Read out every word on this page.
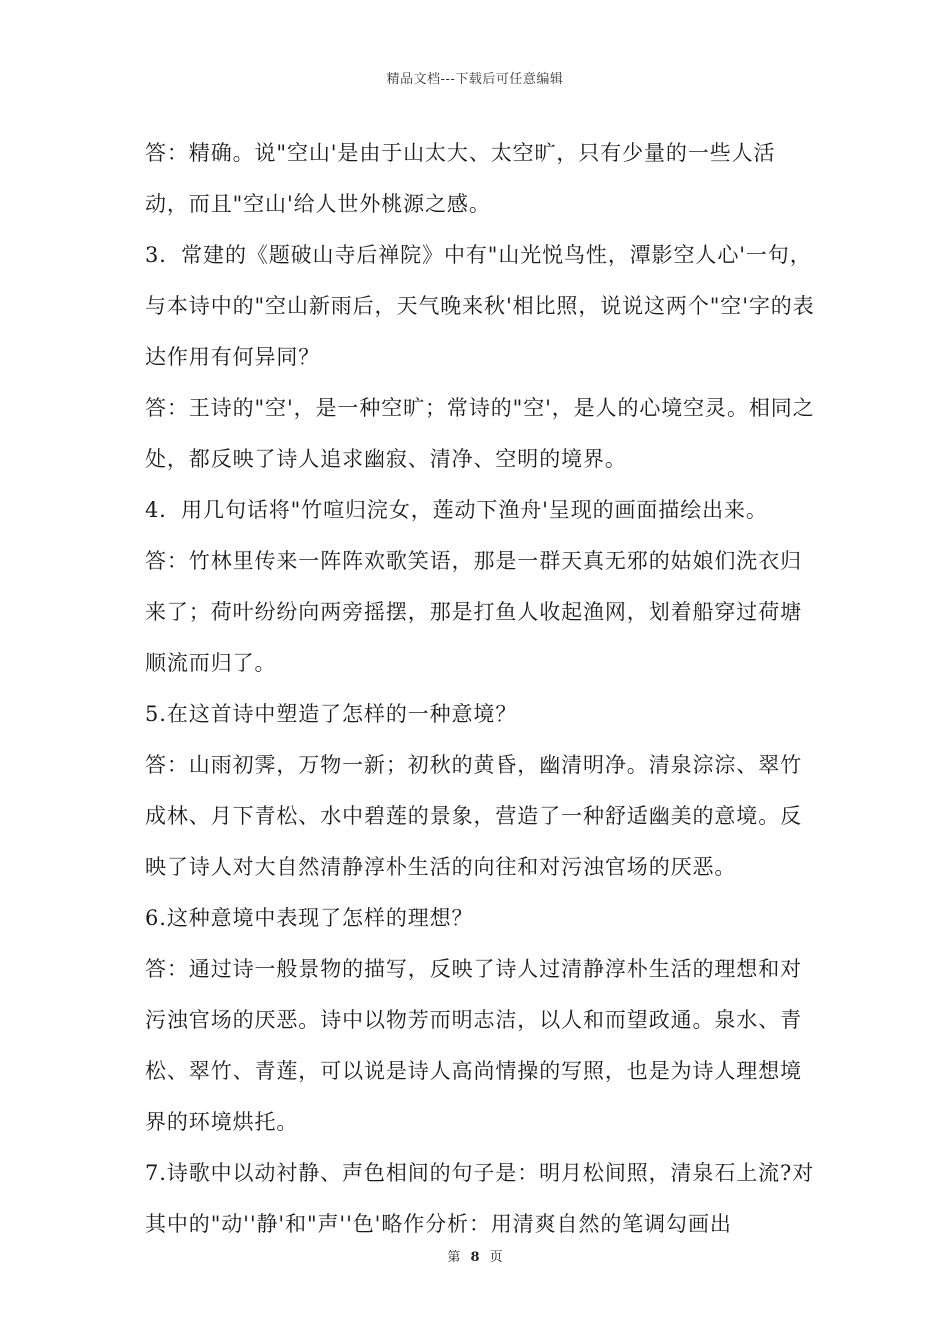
精品文档---下载后可任意编辑

答：精确。说"空山'是由于山太大、太空旷，只有少量的一些人活动，而且"空山'给人世外桃源之感。

3．常建的《题破山寺后禅院》中有"山光悦鸟性，潭影空人心'一句，与本诗中的"空山新雨后，天气晚来秋'相比照，说说这两个"空'字的表达作用有何异同？

答：王诗的"空'，是一种空旷；常诗的"空'，是人的心境空灵。相同之处，都反映了诗人追求幽寂、清净、空明的境界。

4．用几句话将"竹喧归浣女，莲动下渔舟'呈现的画面描绘出来。

答：竹林里传来一阵阵欢歌笑语，那是一群天真无邪的姑娘们洗衣归来了；荷叶纷纷向两旁摇摆，那是打鱼人收起渔网，划着船穿过荷塘顺流而归了。

5.在这首诗中塑造了怎样的一种意境？

答：山雨初霁，万物一新；初秋的黄昏，幽清明净。清泉淙淙、翠竹成林、月下青松、水中碧莲的景象，营造了一种舒适幽美的意境。反映了诗人对大自然清静淳朴生活的向往和对污浊官场的厌恶。

6.这种意境中表现了怎样的理想？

答：通过诗一般景物的描写，反映了诗人过清静淳朴生活的理想和对污浊官场的厌恶。诗中以物芳而明志洁，以人和而望政通。泉水、青松、翠竹、青莲，可以说是诗人高尚情操的写照，也是为诗人理想境界的环境烘托。

7.诗歌中以动衬静、声色相间的句子是：明月松间照，清泉石上流?对其中的"动''静'和"声''色'略作分析：用清爽自然的笔调勾画出

第 8 页
